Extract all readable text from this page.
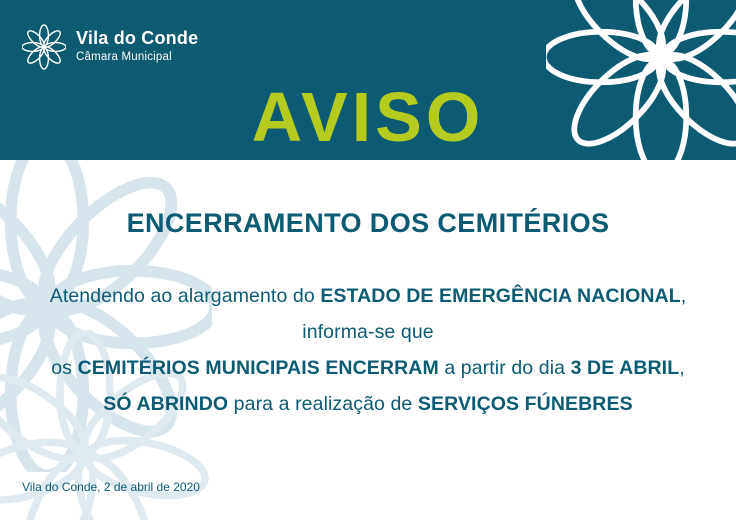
Vila do Conde
Câmara Municipal
AVISO
ENCERRAMENTO DOS CEMITÉRIOS
Atendendo ao alargamento do ESTADO DE EMERGÊNCIA NACIONAL,
informa-se que
os CEMITÉRIOS MUNICIPAIS ENCERRAM a partir do dia 3 DE ABRIL,
SÓ ABRINDO para a realização de SERVIÇOS FÚNEBRES
Vila do Conde, 2 de abril de 2020
